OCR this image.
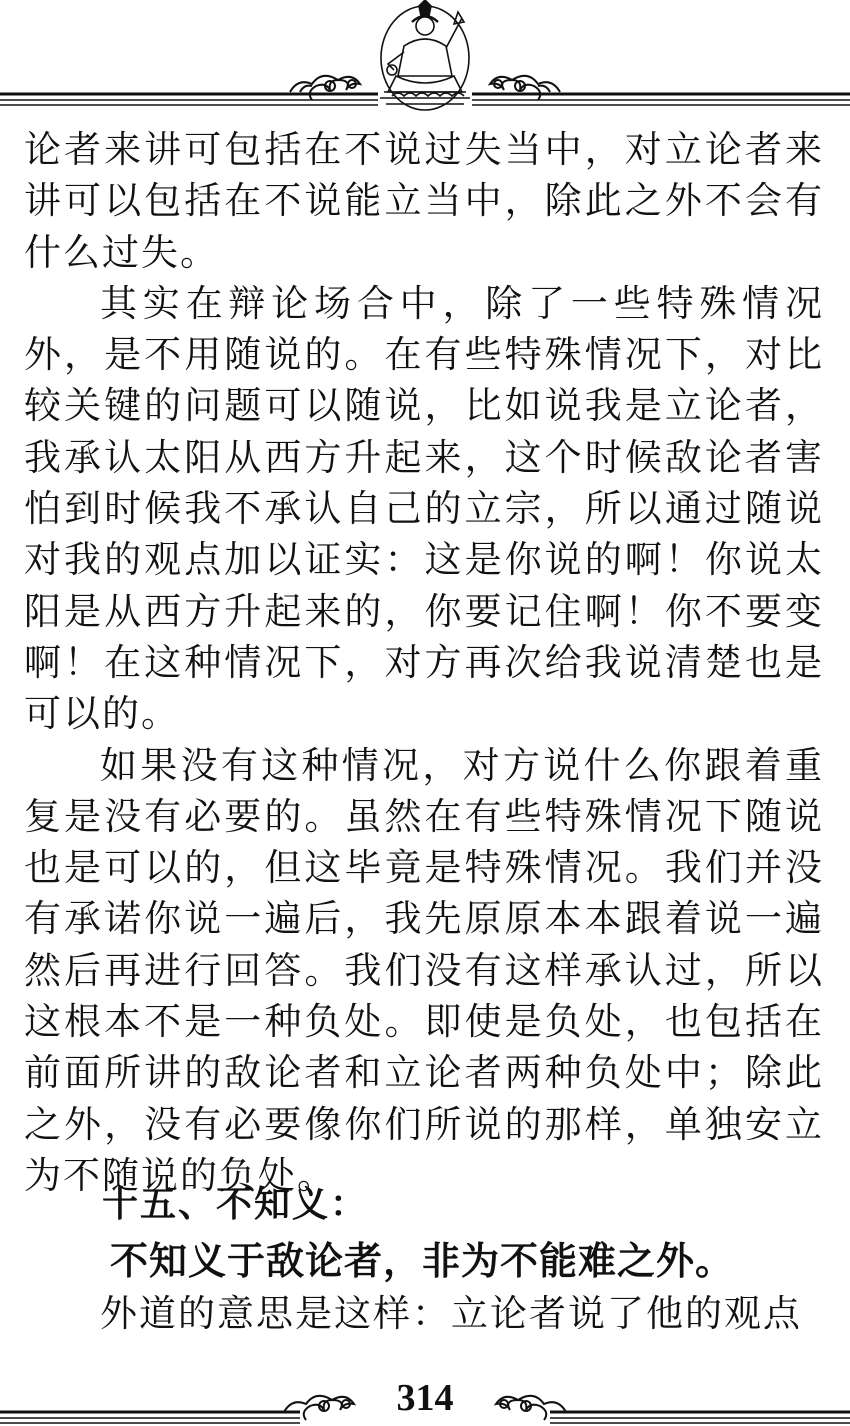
论者来讲可包括在不说过失当中，对立论者来讲可以包括在不说能立当中，除此之外不会有什么过失。

其实在辩论场合中，除了一些特殊情况外，是不用随说的。在有些特殊情况下，对比较关键的问题可以随说，比如说我是立论者，我承认太阳从西方升起来，这个时候敌论者害怕到时候我不承认自己的立宗，所以通过随说对我的观点加以证实：这是你说的啊！你说太阳是从西方升起来的，你要记住啊！你不要变啊！在这种情况下，对方再次给我说清楚也是可以的。

如果没有这种情况，对方说什么你跟着重复是没有必要的。虽然在有些特殊情况下随说也是可以的，但这毕竟是特殊情况。我们并没有承诺你说一遍后，我先原原本本跟着说一遍然后再进行回答。我们没有这样承认过，所以这根本不是一种负处。即使是负处，也包括在前面所讲的敌论者和立论者两种负处中；除此之外，没有必要像你们所说的那样，单独安立为不随说的负处。

十五、不知义：
不知义于敌论者，非为不能难之外。
外道的意思是这样：立论者说了他的观点
314
